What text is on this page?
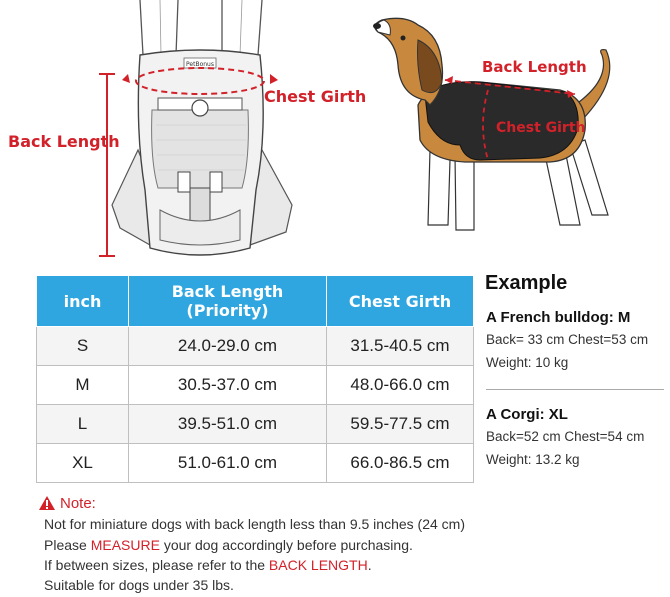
PetBonus
Back Length
Chest Girth
Back Length
Chest Girth
inch	Back Length (Priority)	Chest Girth
S	24.0-29.0 cm	31.5-40.5 cm
M	30.5-37.0 cm	48.0-66.0 cm
L	39.5-51.0 cm	59.5-77.5 cm
XL	51.0-61.0 cm	66.0-86.5 cm
Example
A French bulldog: M
Back= 33 cm Chest=53 cm
Weight: 10 kg
A Corgi: XL
Back=52 cm Chest=54 cm
Weight: 13.2 kg
Note:
Not for miniature dogs with back length less than 9.5 inches (24 cm)
Please MEASURE your dog accordingly before purchasing.
If between sizes, please refer to the BACK LENGTH.
Suitable for dogs under 35 lbs.
